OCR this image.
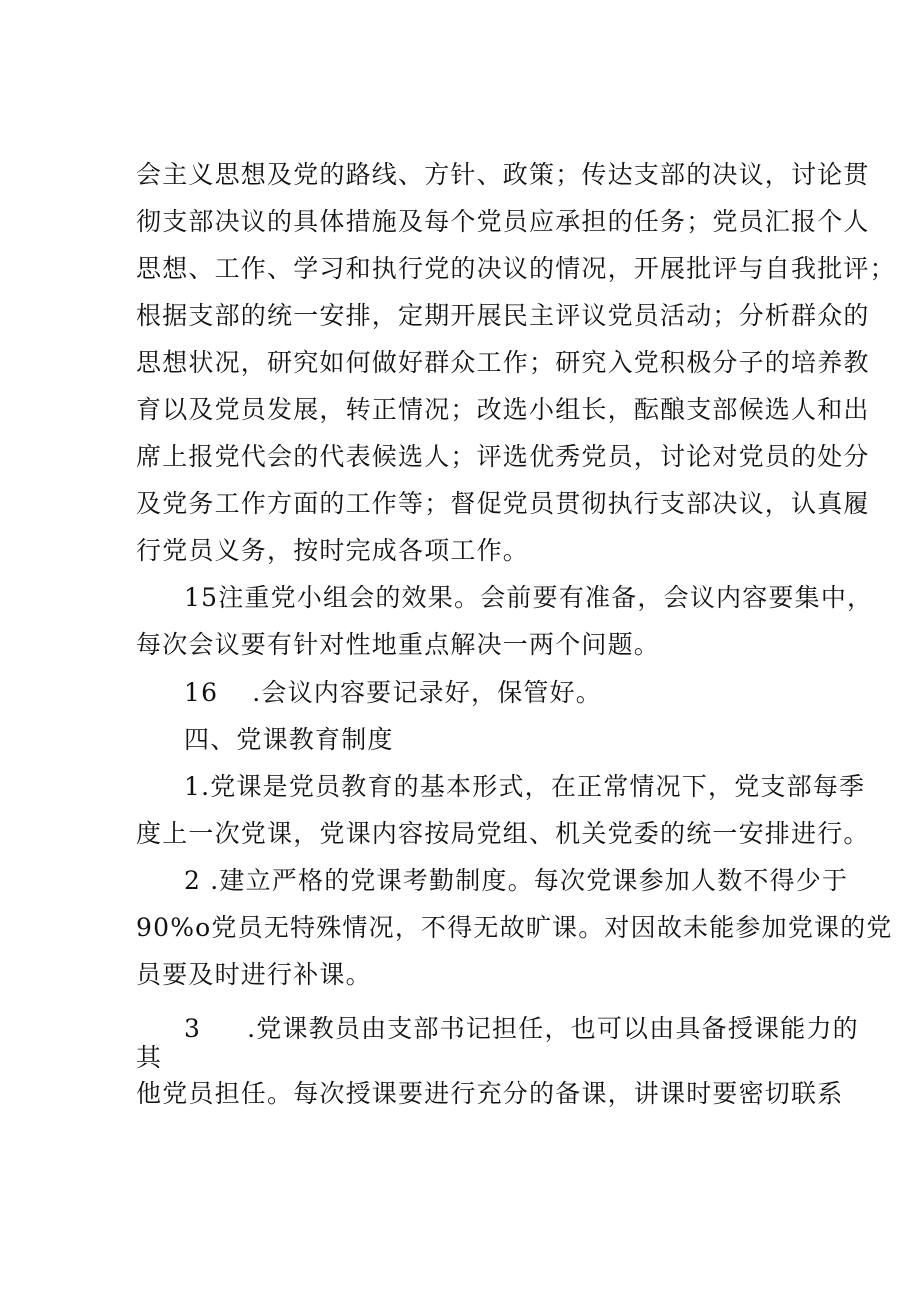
会主义思想及党的路线、方针、政策；传达支部的决议，讨论贯
彻支部决议的具体措施及每个党员应承担的任务；党员汇报个人
思想、工作、学习和执行党的决议的情况，开展批评与自我批评；
根据支部的统一安排，定期开展民主评议党员活动；分析群众的
思想状况，研究如何做好群众工作；研究入党积极分子的培养教
育以及党员发展，转正情况；改选小组长，酝酿支部候选人和出
席上报党代会的代表候选人；评选优秀党员，讨论对党员的处分
及党务工作方面的工作等；督促党员贯彻执行支部决议，认真履
行党员义务，按时完成各项工作。
15注重党小组会的效果。会前要有准备，会议内容要集中，
每次会议要有针对性地重点解决一两个问题。
16 .会议内容要记录好，保管好。
四、党课教育制度
1.党课是党员教育的基本形式，在正常情况下，党支部每季
度上一次党课，党课内容按局党组、机关党委的统一安排进行。
2 .建立严格的党课考勤制度。每次党课参加人数不得少于
90%o党员无特殊情况，不得无故旷课。对因故未能参加党课的党
员要及时进行补课。
3 .党课教员由支部书记担任，也可以由具备授课能力的
其
他党员担任。每次授课要进行充分的备课，讲课时要密切联系
